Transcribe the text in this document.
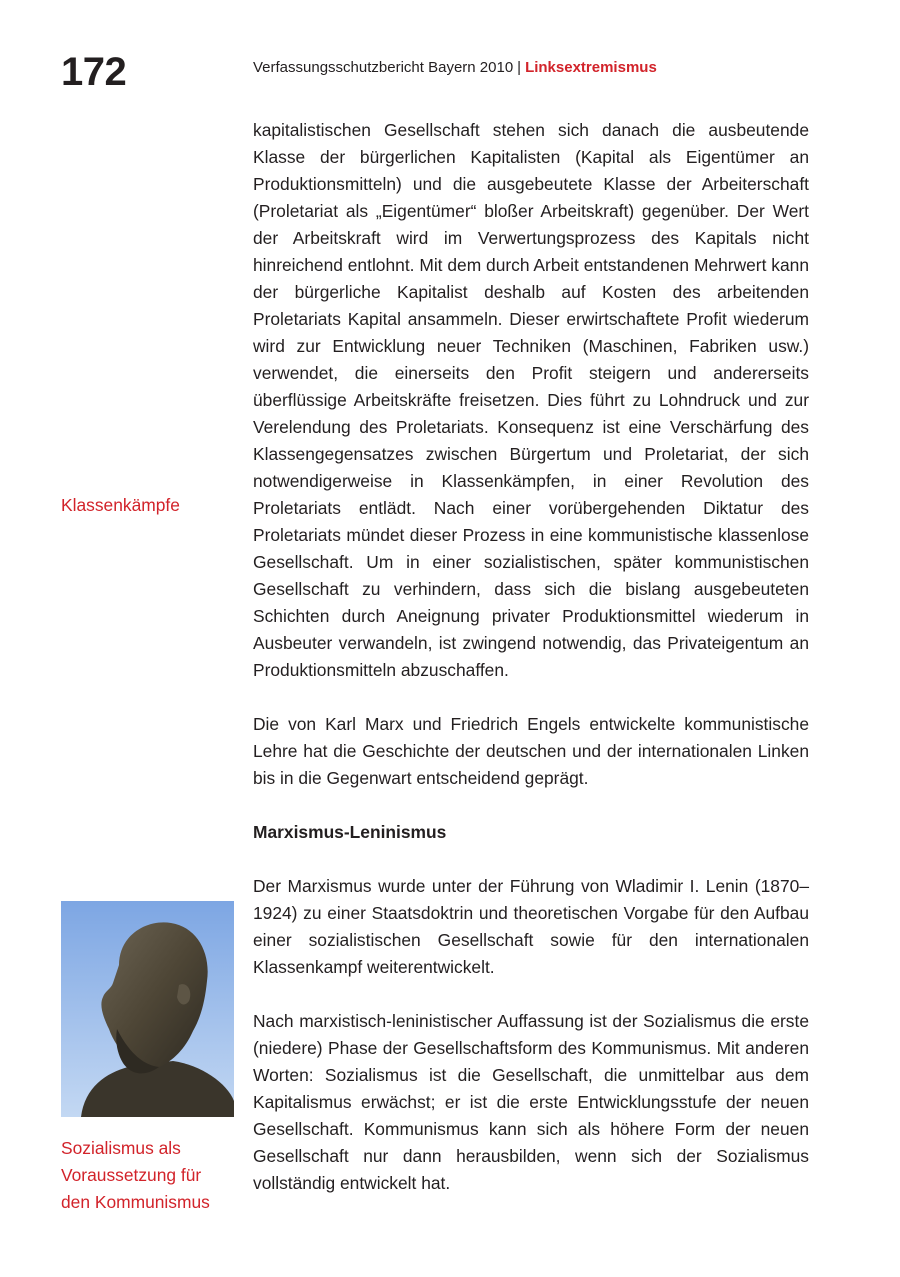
172	Verfassungsschutzbericht Bayern 2010 | Linksextremismus
Klassenkämpfe
Sozialismus als
Voraussetzung für
den Kommunismus

kapitalistischen Gesellschaft stehen sich danach die ausbeutende Klasse der bürgerlichen Kapitalisten (Kapital als Eigentümer an Produktionsmitteln) und die ausgebeutete Klasse der Arbeiterschaft (Proletariat als „Eigentümer“ bloßer Arbeitskraft) gegenüber. Der Wert der Arbeitskraft wird im Verwertungsprozess des Kapitals nicht hinreichend entlohnt. Mit dem durch Arbeit entstandenen Mehrwert kann der bürgerliche Kapitalist deshalb auf Kosten des arbeitenden Proletariats Kapital ansammeln. Dieser erwirtschaftete Profit wiederum wird zur Entwicklung neuer Techniken (Maschinen, Fabriken usw.) verwendet, die einerseits den Profit steigern und andererseits überflüssige Arbeitskräfte freisetzen. Dies führt zu Lohndruck und zur Verelendung des Proletariats. Konsequenz ist eine Verschärfung des Klassengegensatzes zwischen Bürgertum und Proletariat, der sich notwendigerweise in Klassenkämpfen, in einer Revolution des Proletariats entlädt. Nach einer vorübergehenden Diktatur des Proletariats mündet dieser Prozess in eine kommunistische klassenlose Gesellschaft. Um in einer sozialistischen, später kommunistischen Gesellschaft zu verhindern, dass sich die bislang ausgebeuteten Schichten durch Aneignung privater Produktionsmittel wiederum in Ausbeuter verwandeln, ist zwingend notwendig, das Privateigentum an Produktionsmitteln abzuschaffen.

Die von Karl Marx und Friedrich Engels entwickelte kommunistische Lehre hat die Geschichte der deutschen und der internationalen Linken bis in die Gegenwart entscheidend geprägt.

Marxismus-Leninismus

Der Marxismus wurde unter der Führung von Wladimir I. Lenin (1870–1924) zu einer Staatsdoktrin und theoretischen Vorgabe für den Aufbau einer sozialistischen Gesellschaft sowie für den internationalen Klassenkampf weiterentwickelt.

Nach marxistisch-leninistischer Auffassung ist der Sozialismus die erste (niedere) Phase der Gesellschaftsform des Kommunismus. Mit anderen Worten: Sozialismus ist die Gesellschaft, die unmittelbar aus dem Kapitalismus erwächst; er ist die erste Entwicklungsstufe der neuen Gesellschaft. Kommunismus kann sich als höhere Form der neuen Gesellschaft nur dann herausbilden, wenn sich der Sozialismus vollständig entwickelt hat.
